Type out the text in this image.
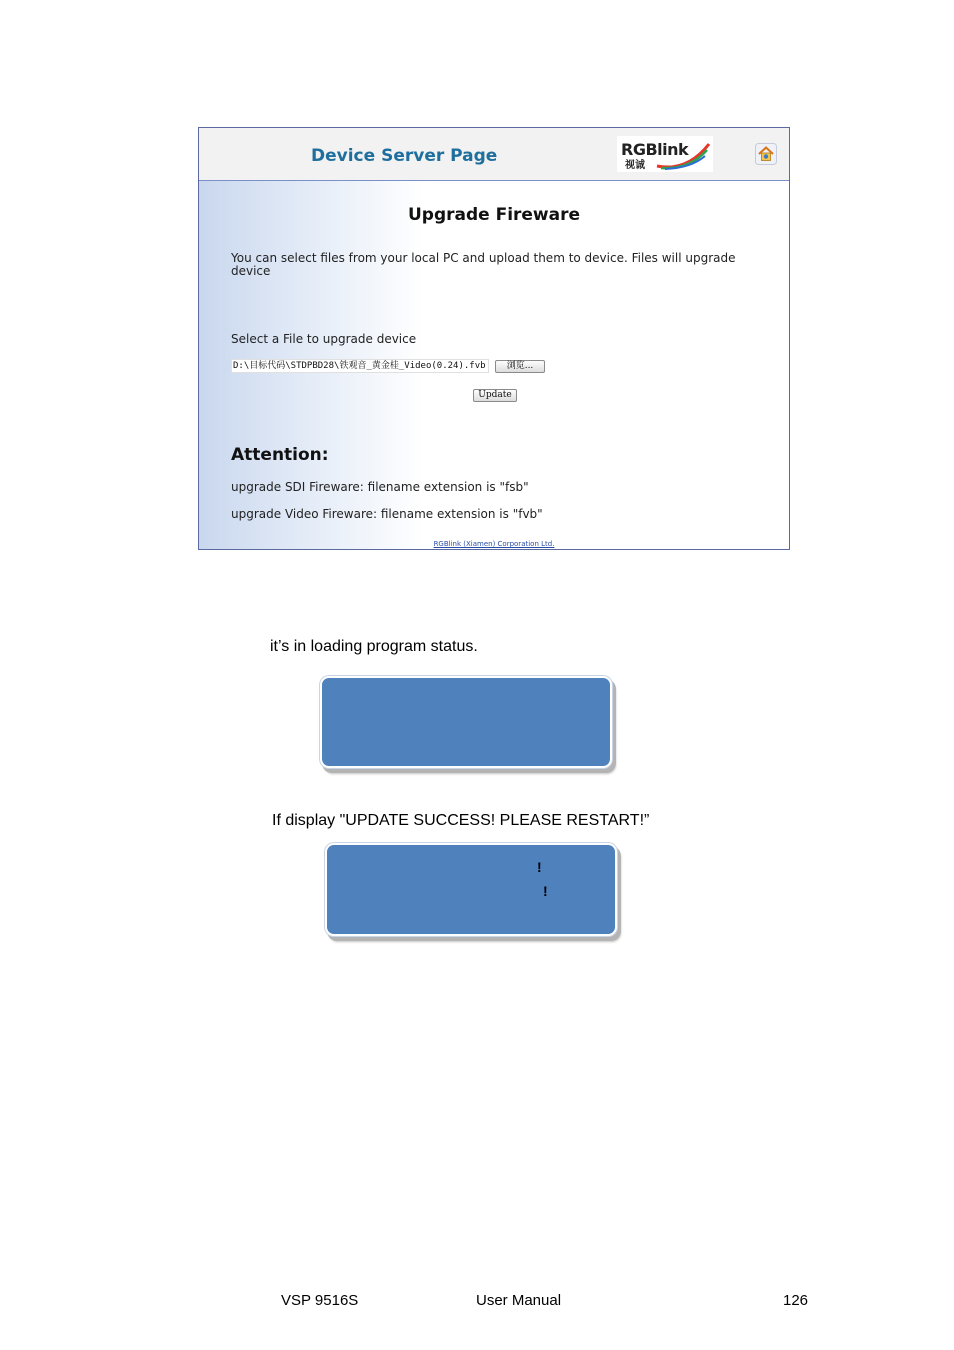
Device Server Page	RGBlink
视诚
Upgrade Fireware
You can select files from your local PC and upload them to device. Files will upgrade device
Select a File to upgrade device
D:\目标代码\STDPBD28\铁观音_黄金桂_Video(0.24).fvb	浏览...
Update
Attention:
upgrade SDI Fireware: filename extension is "fsb"
upgrade Video Fireware: filename extension is "fvb"
RGBlink (Xiamen) Corporation Ltd.
it’s in loading program status.
If display "UPDATE SUCCESS! PLEASE RESTART!”
!
!
VSP 9516S	User Manual	126
